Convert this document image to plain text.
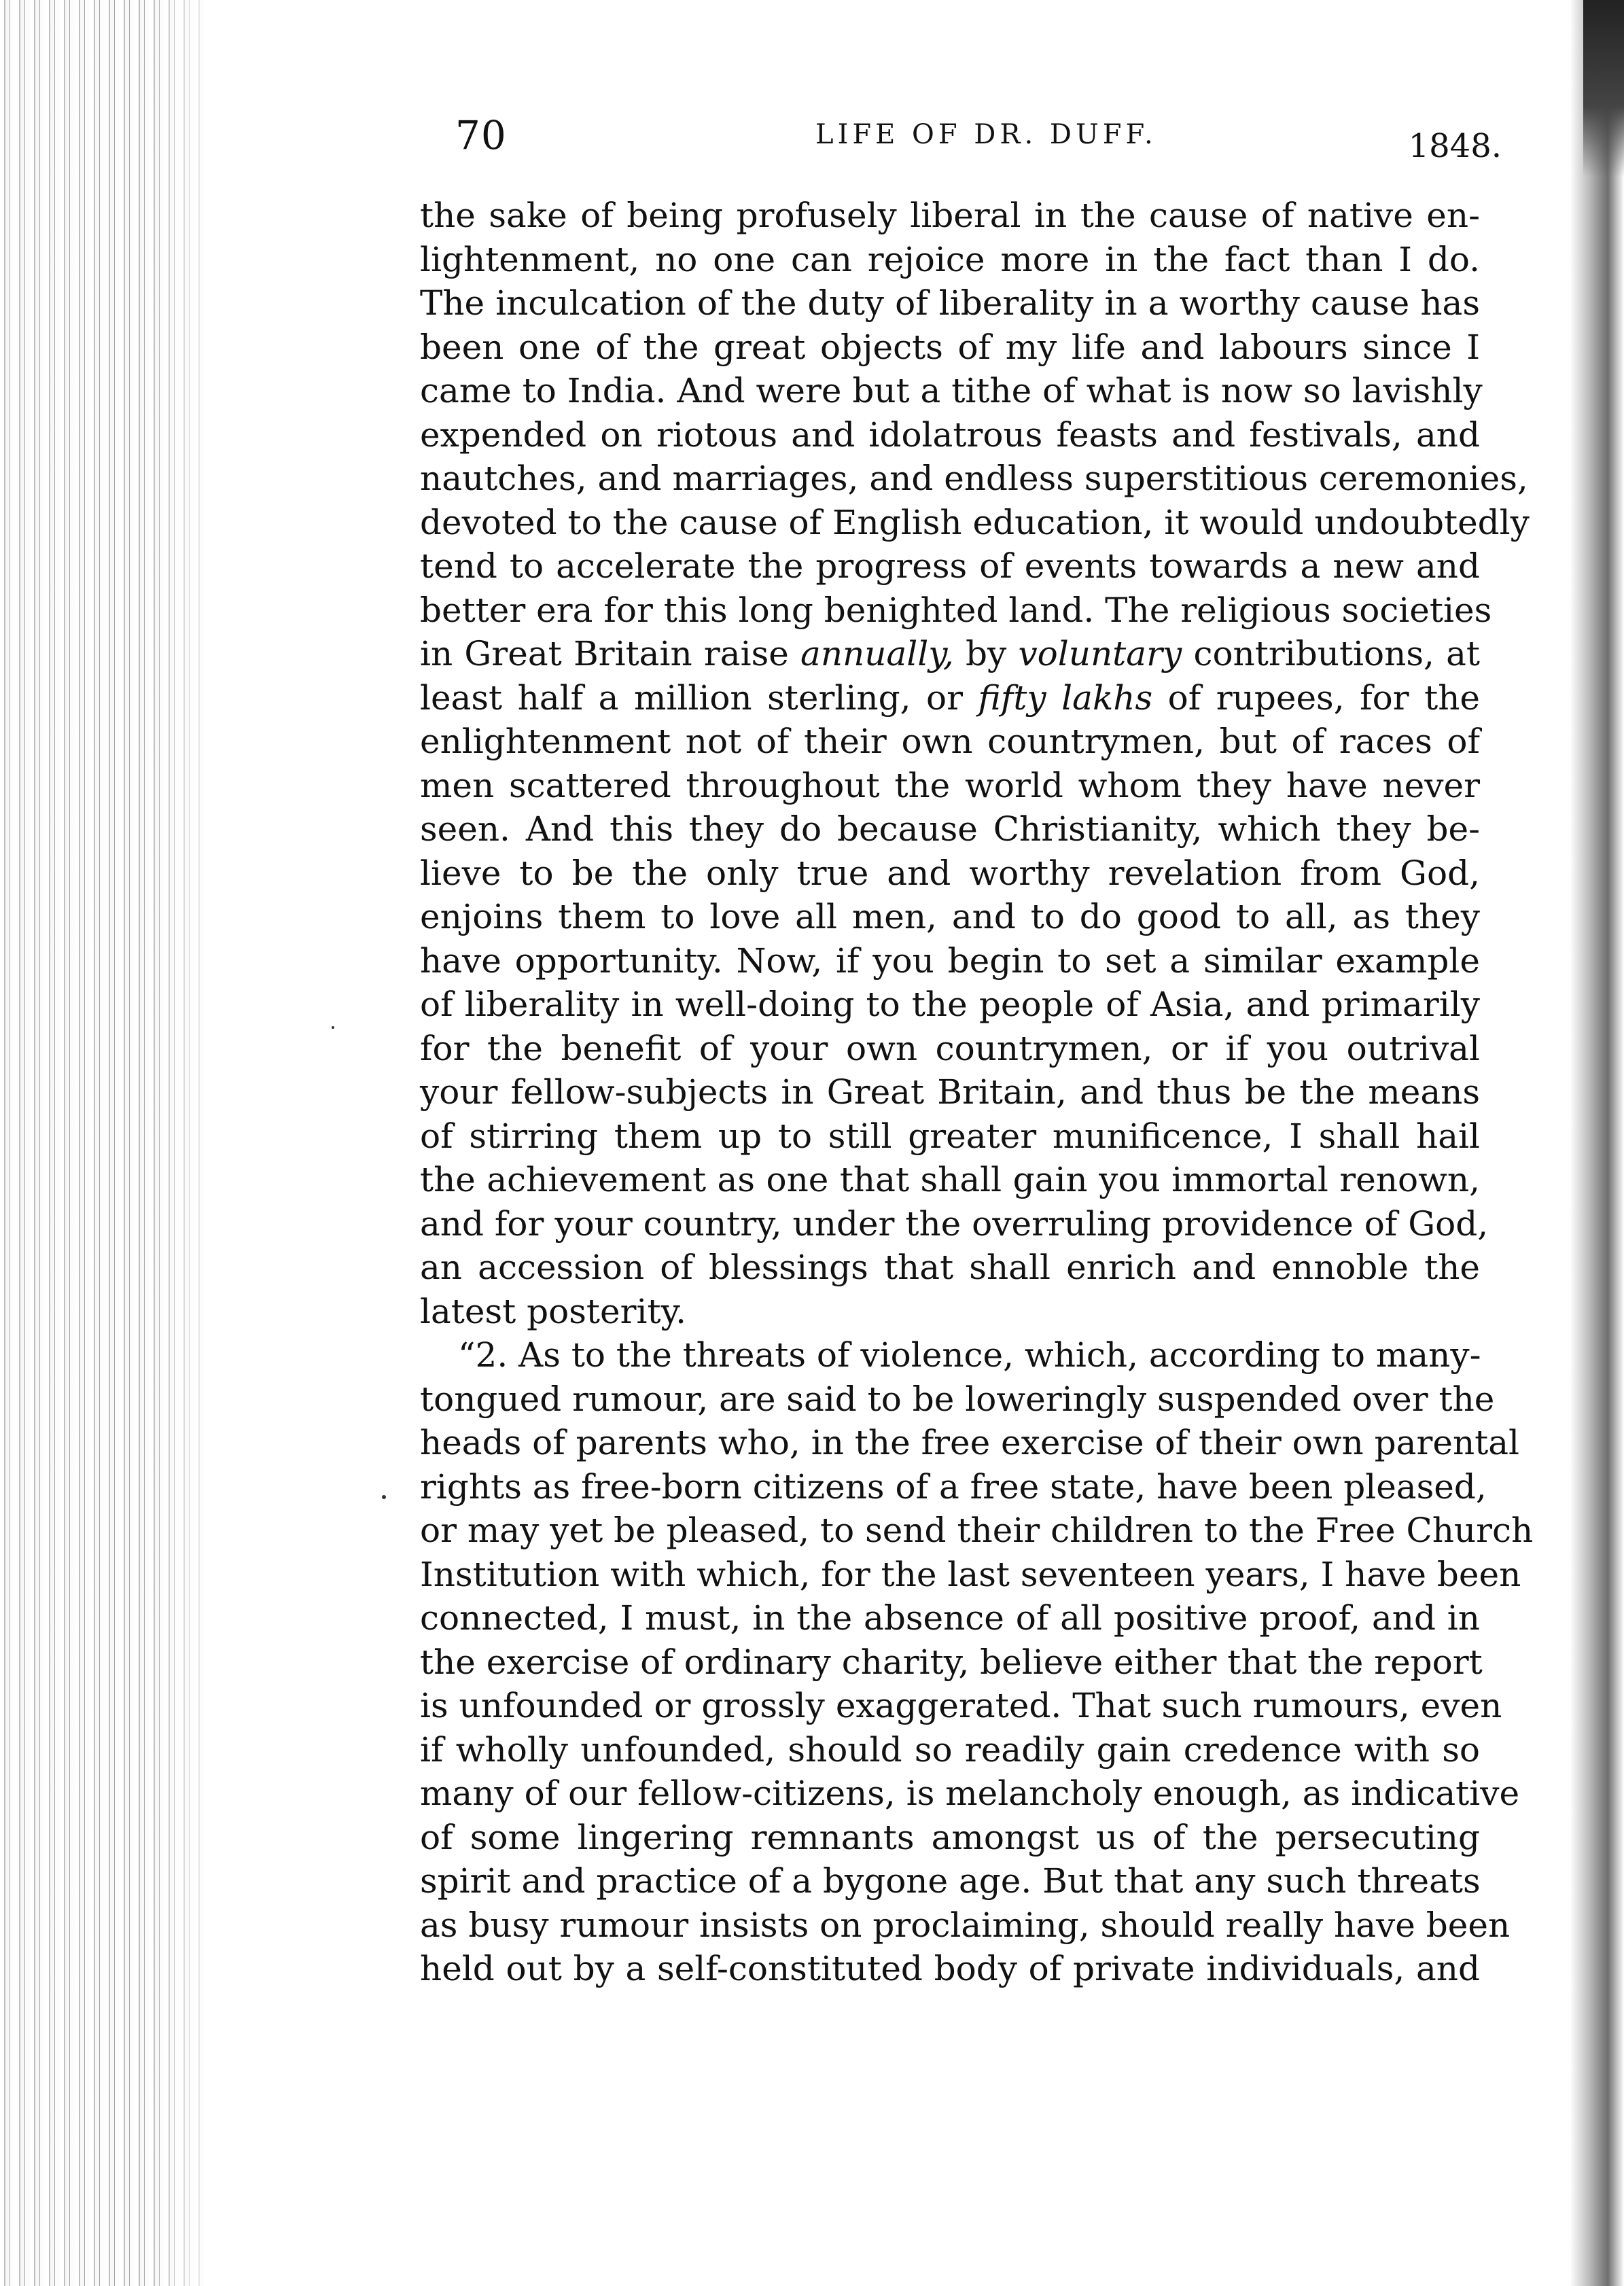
70	LIFE OF DR. DUFF.	1848.
the sake of being profusely liberal in the cause of native en-
lightenment, no one can rejoice more in the fact than I do.
The inculcation of the duty of liberality in a worthy cause has
been one of the great objects of my life and labours since I
came to India. And were but a tithe of what is now so lavishly
expended on riotous and idolatrous feasts and festivals, and
nautches, and marriages, and endless superstitious ceremonies,
devoted to the cause of English education, it would undoubtedly
tend to accelerate the progress of events towards a new and
better era for this long benighted land. The religious societies
in Great Britain raise annually, by voluntary contributions, at
least half a million sterling, or fifty lakhs of rupees, for the
enlightenment not of their own countrymen, but of races of
men scattered throughout the world whom they have never
seen. And this they do because Christianity, which they be-
lieve to be the only true and worthy revelation from God,
enjoins them to love all men, and to do good to all, as they
have opportunity. Now, if you begin to set a similar example
of liberality in well-doing to the people of Asia, and primarily
for the benefit of your own countrymen, or if you outrival
your fellow-subjects in Great Britain, and thus be the means
of stirring them up to still greater munificence, I shall hail
the achievement as one that shall gain you immortal renown,
and for your country, under the overruling providence of God,
an accession of blessings that shall enrich and ennoble the
latest posterity.
“2. As to the threats of violence, which, according to many-
tongued rumour, are said to be loweringly suspended over the
heads of parents who, in the free exercise of their own parental
rights as free-born citizens of a free state, have been pleased,
or may yet be pleased, to send their children to the Free Church
Institution with which, for the last seventeen years, I have been
connected, I must, in the absence of all positive proof, and in
the exercise of ordinary charity, believe either that the report
is unfounded or grossly exaggerated. That such rumours, even
if wholly unfounded, should so readily gain credence with so
many of our fellow-citizens, is melancholy enough, as indicative
of some lingering remnants amongst us of the persecuting
spirit and practice of a bygone age. But that any such threats
as busy rumour insists on proclaiming, should really have been
held out by a self-constituted body of private individuals, and
